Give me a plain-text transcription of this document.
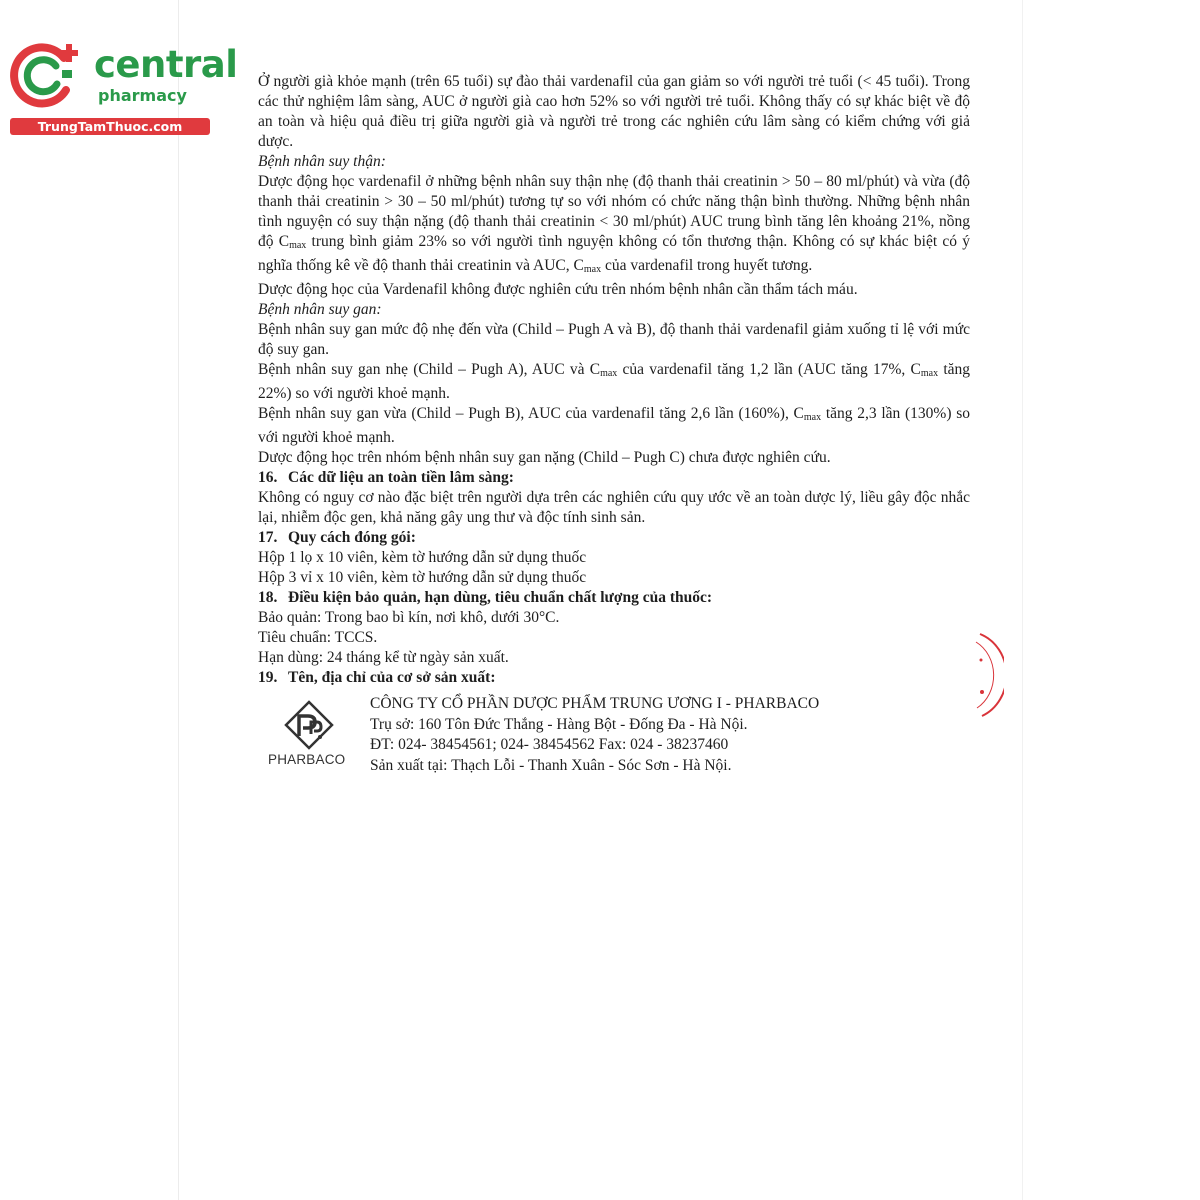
central
pharmacy
TrungTamThuoc.com

Ở người già khỏe mạnh (trên 65 tuổi) sự đào thải vardenafil của gan giảm so với người trẻ tuổi (< 45 tuổi). Trong các thử nghiệm lâm sàng, AUC ở người già cao hơn 52% so với người trẻ tuổi. Không thấy có sự khác biệt về độ an toàn và hiệu quả điều trị giữa người già và người trẻ trong các nghiên cứu lâm sàng có kiểm chứng với giả dược.

Bệnh nhân suy thận:

Dược động học vardenafil ở những bệnh nhân suy thận nhẹ (độ thanh thải creatinin > 50 – 80 ml/phút) và vừa (độ thanh thải creatinin > 30 – 50 ml/phút) tương tự so với nhóm có chức năng thận bình thường. Những bệnh nhân tình nguyện có suy thận nặng (độ thanh thải creatinin < 30 ml/phút) AUC trung bình tăng lên khoảng 21%, nồng độ $C_{max}$ trung bình giảm 23% so với người tình nguyện không có tổn thương thận. Không có sự khác biệt có ý nghĩa thống kê về độ thanh thải creatinin và AUC, $C_{max}$ của vardenafil trong huyết tương.

Dược động học của Vardenafil không được nghiên cứu trên nhóm bệnh nhân cần thẩm tách máu.

Bệnh nhân suy gan:

Bệnh nhân suy gan mức độ nhẹ đến vừa (Child – Pugh A và B), độ thanh thải vardenafil giảm xuống tỉ lệ với mức độ suy gan.

Bệnh nhân suy gan nhẹ (Child – Pugh A), AUC và $C_{max}$ của vardenafil tăng 1,2 lần (AUC tăng 17%, $C_{max}$ tăng 22%) so với người khoẻ mạnh.

Bệnh nhân suy gan vừa (Child – Pugh B), AUC của vardenafil tăng 2,6 lần (160%), $C_{max}$ tăng 2,3 lần (130%) so với người khoẻ mạnh.

Dược động học trên nhóm bệnh nhân suy gan nặng (Child – Pugh C) chưa được nghiên cứu.

16. Các dữ liệu an toàn tiền lâm sàng:

Không có nguy cơ nào đặc biệt trên người dựa trên các nghiên cứu quy ước về an toàn dược lý, liều gây độc nhắc lại, nhiễm độc gen, khả năng gây ung thư và độc tính sinh sản.

17. Quy cách đóng gói:

Hộp 1 lọ x 10 viên, kèm tờ hướng dẫn sử dụng thuốc

Hộp 3 vỉ x 10 viên, kèm tờ hướng dẫn sử dụng thuốc

18. Điều kiện bảo quản, hạn dùng, tiêu chuẩn chất lượng của thuốc:

Bảo quản: Trong bao bì kín, nơi khô, dưới 30°C.

Tiêu chuẩn: TCCS.

Hạn dùng: 24 tháng kể từ ngày sản xuất.

19. Tên, địa chỉ của cơ sở sản xuất:

PHARBACO
CÔNG TY CỔ PHẦN DƯỢC PHẨM TRUNG ƯƠNG I - PHARBACO
Trụ sở: 160 Tôn Đức Thắng - Hàng Bột - Đống Đa - Hà Nội.
ĐT: 024- 38454561; 024- 38454562 Fax: 024 - 38237460
Sản xuất tại: Thạch Lỗi - Thanh Xuân - Sóc Sơn - Hà Nội.
